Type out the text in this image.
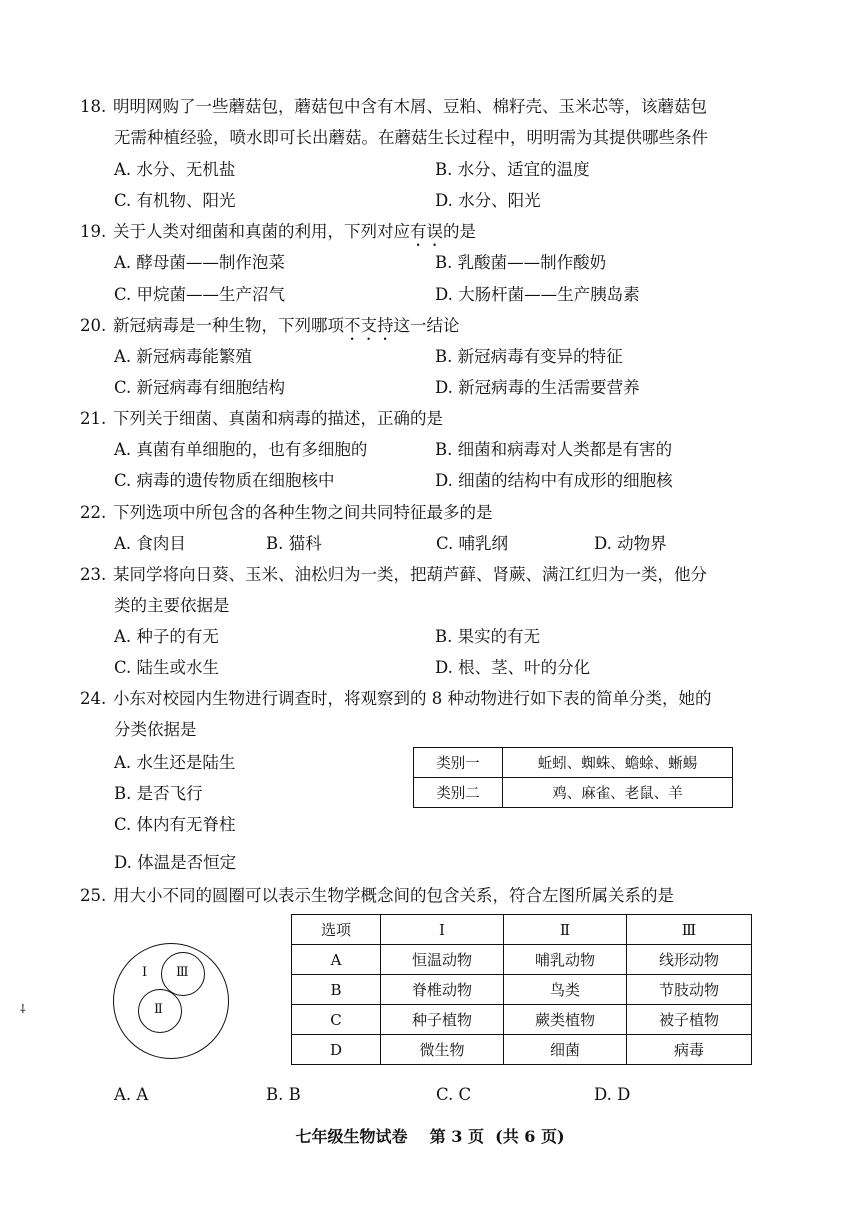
18. 明明网购了一些蘑菇包，蘑菇包中含有木屑、豆粕、棉籽壳、玉米芯等，该蘑菇包
无需种植经验，喷水即可长出蘑菇。在蘑菇生长过程中，明明需为其提供哪些条件
A. 水分、无机盐	B. 水分、适宜的温度
C. 有机物、阳光	D. 水分、阳光
19. 关于人类对细菌和真菌的利用，下列对应有误的是
A. 酵母菌——制作泡菜	B. 乳酸菌——制作酸奶
C. 甲烷菌——生产沼气	D. 大肠杆菌——生产胰岛素
20. 新冠病毒是一种生物，下列哪项不支持这一结论
A. 新冠病毒能繁殖	B. 新冠病毒有变异的特征
C. 新冠病毒有细胞结构	D. 新冠病毒的生活需要营养
21. 下列关于细菌、真菌和病毒的描述，正确的是
A. 真菌有单细胞的，也有多细胞的	B. 细菌和病毒对人类都是有害的
C. 病毒的遗传物质在细胞核中	D. 细菌的结构中有成形的细胞核
22. 下列选项中所包含的各种生物之间共同特征最多的是
A. 食肉目	B. 猫科	C. 哺乳纲	D. 动物界
23. 某同学将向日葵、玉米、油松归为一类，把葫芦藓、肾蕨、满江红归为一类，他分
类的主要依据是
A. 种子的有无	B. 果实的有无
C. 陆生或水生	D. 根、茎、叶的分化
24. 小东对校园内生物进行调查时，将观察到的 8 种动物进行如下表的简单分类，她的
分类依据是
A. 水生还是陆生
B. 是否飞行
C. 体内有无脊柱
D. 体温是否恒定
类别一	蚯蚓、蜘蛛、蟾蜍、蜥蜴
类别二	鸡、麻雀、老鼠、羊
25. 用大小不同的圆圈可以表示生物学概念间的包含关系，符合左图所属关系的是
Ⅰ
Ⅱ
Ⅲ
⸸
选项	Ⅰ	Ⅱ	Ⅲ
A	恒温动物	哺乳动物	线形动物
B	脊椎动物	鸟类	节肢动物
C	种子植物	蕨类植物	被子植物
D	微生物	细菌	病毒
A. A	B. B	C. C	D. D
七年级生物试卷    第 3 页  (共 6 页)
